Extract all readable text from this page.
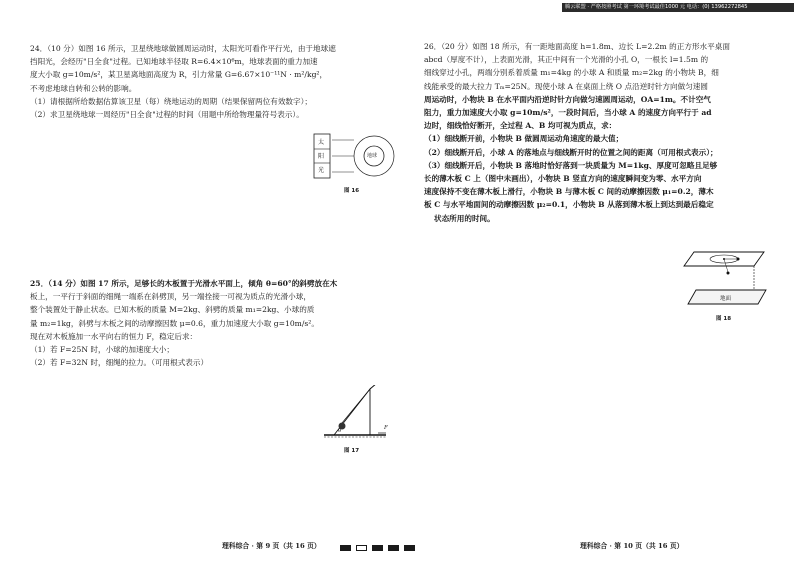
腾云联盟 · 严格按照考试 第一环境考试最佳1000 元 电话：(0) 13962272845

24．（10 分）如图 16 所示，卫星绕地球做圆周运动时，太阳光可看作平行光，由于地球遮

挡阳光，会经历"日全食"过程。已知地球半径取 R=6.4×10⁶m，地球表面的重力加速

度大小取 g=10m/s²，某卫星离地面高度为 R，引力常量 G=6.67×10⁻¹¹N · m²/kg²，

不考虑地球自转和公转的影响。

（1）请根据所给数据估算该卫星（每）绕地运动的周期（结果保留两位有效数字）；

（2）求卫星绕地球一周经历"日全食"过程的时间（用题中所给物理量符号表示）。

太
阳
光
地球
图 16

25．（14 分）如图 17 所示，足够长的木板置于光滑水平面上，倾角 θ=60°的斜劈放在木

板上，一平行于斜面的细绳一端系在斜劈顶，另一端拴接一可视为质点的光滑小球，

整个装置处于静止状态。已知木板的质量 M=2kg、斜劈的质量 m₁=2kg、小球的质

量 m₂=1kg，斜劈与木板之间的动摩擦因数 μ=0.6，重力加速度大小取 g=10m/s²。

现在对木板施加一水平向右的恒力 F，稳定后求：

（1）若 F=25N 时，小球的加速度大小；

（2）若 F=32N 时，细绳的拉力。（可用根式表示）

θ	F
图 17

26．（20 分）如图 18 所示，有一距地面高度 h=1.8m、边长 L=2.2m 的正方形水平桌面

abcd（厚度不计），上表面光滑，其正中间有一个光滑的小孔 O，一根长 l=1.5m 的

细线穿过小孔，两端分别系着质量 m₁=4kg 的小球 A 和质量 m₂=2kg 的小物块 B，细

线能承受的最大拉力 Tₘ=25N。现使小球 A 在桌面上绕 O 点沿逆时针方向做匀速圆

周运动时，小物块 B 在水平面内沿逆时针方向做匀速圆周运动，OA=1m。不计空气

阻力，重力加速度大小取 g=10m/s²，一段时间后，当小球 A 的速度方向平行于 ad

边时，细线恰好断开，全过程 A、B 均可视为质点，求：

（1）细线断开前，小物块 B 做圆周运动角速度的最大值；

（2）细线断开后，小球 A 的落地点与细线断开时的位置之间的距离（可用根式表示）；

（3）细线断开后，小物块 B 落地时恰好落到一块质量为 M=1kg、厚度可忽略且足够

长的薄木板 C 上（图中未画出），小物块 B 竖直方向的速度瞬间变为零、水平方向

速度保持不变在薄木板上滑行，小物块 B 与薄木板 C 间的动摩擦因数 μ₁=0.2，薄木

板 C 与水平地面间的动摩擦因数 μ₂=0.1，小物块 B 从落到薄木板上到达到最后稳定

状态所用的时间。

地面
图 18
理科综合 · 第 9 页（共 16 页）	理科综合 · 第 10 页（共 16 页）
